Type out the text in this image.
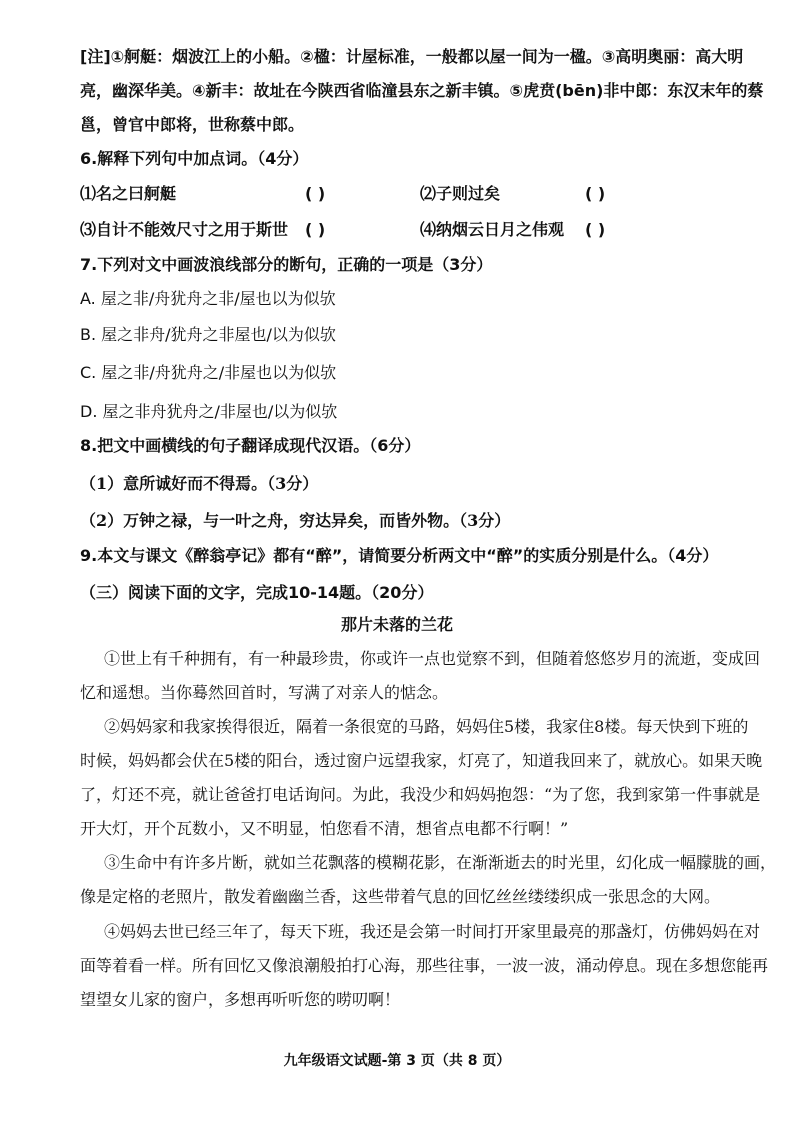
[注]①舸艇：烟波江上的小船。②楹：计屋标准，一般都以屋一间为一楹。③高明奥丽：高大明
亮，幽深华美。④新丰：故址在今陕西省临潼县东之新丰镇。⑤虎贲(bēn)非中郎：东汉末年的蔡
邕，曾官中郎将，世称蔡中郎。
6.解释下列句中加点词。（4分）
⑴名之曰舸艇	( )	⑵子则过矣	( )
⑶自计不能效尺寸之用于斯世 ( )	⑷纳烟云日月之伟观 ( )
7.下列对文中画波浪线部分的断句，正确的一项是（3分）
A. 屋之非/舟犹舟之非/屋也以为似欤
B. 屋之非舟/犹舟之非屋也/以为似欤
C. 屋之非/舟犹舟之/非屋也以为似欤
D. 屋之非舟犹舟之/非屋也/以为似欤
8.把文中画横线的句子翻译成现代汉语。（6分）
（1）意所诚好而不得焉。（3分）
（2）万钟之禄，与一叶之舟，穷达异矣，而皆外物。（3分）
9.本文与课文《醉翁亭记》都有“醉”，请简要分析两文中“醉”的实质分别是什么。（4分）
（三）阅读下面的文字，完成10-14题。（20分）
那片未落的兰花
①世上有千种拥有，有一种最珍贵，你或许一点也觉察不到，但随着悠悠岁月的流逝，变成回
忆和遥想。当你蓦然回首时，写满了对亲人的惦念。
②妈妈家和我家挨得很近，隔着一条很宽的马路，妈妈住5楼，我家住8楼。每天快到下班的
时候，妈妈都会伏在5楼的阳台，透过窗户远望我家，灯亮了，知道我回来了，就放心。如果天晚
了，灯还不亮，就让爸爸打电话询问。为此，我没少和妈妈抱怨：“为了您，我到家第一件事就是
开大灯，开个瓦数小，又不明显，怕您看不清，想省点电都不行啊！”
③生命中有许多片断，就如兰花飘落的模糊花影，在渐渐逝去的时光里，幻化成一幅朦胧的画，
像是定格的老照片，散发着幽幽兰香，这些带着气息的回忆丝丝缕缕织成一张思念的大网。
④妈妈去世已经三年了，每天下班，我还是会第一时间打开家里最亮的那盏灯，仿佛妈妈在对
面等着看一样。所有回忆又像浪潮般拍打心海，那些往事，一波一波，涌动停息。现在多想您能再
望望女儿家的窗户，多想再听听您的唠叨啊！
九年级语文试题-第 3 页（共 8 页）
